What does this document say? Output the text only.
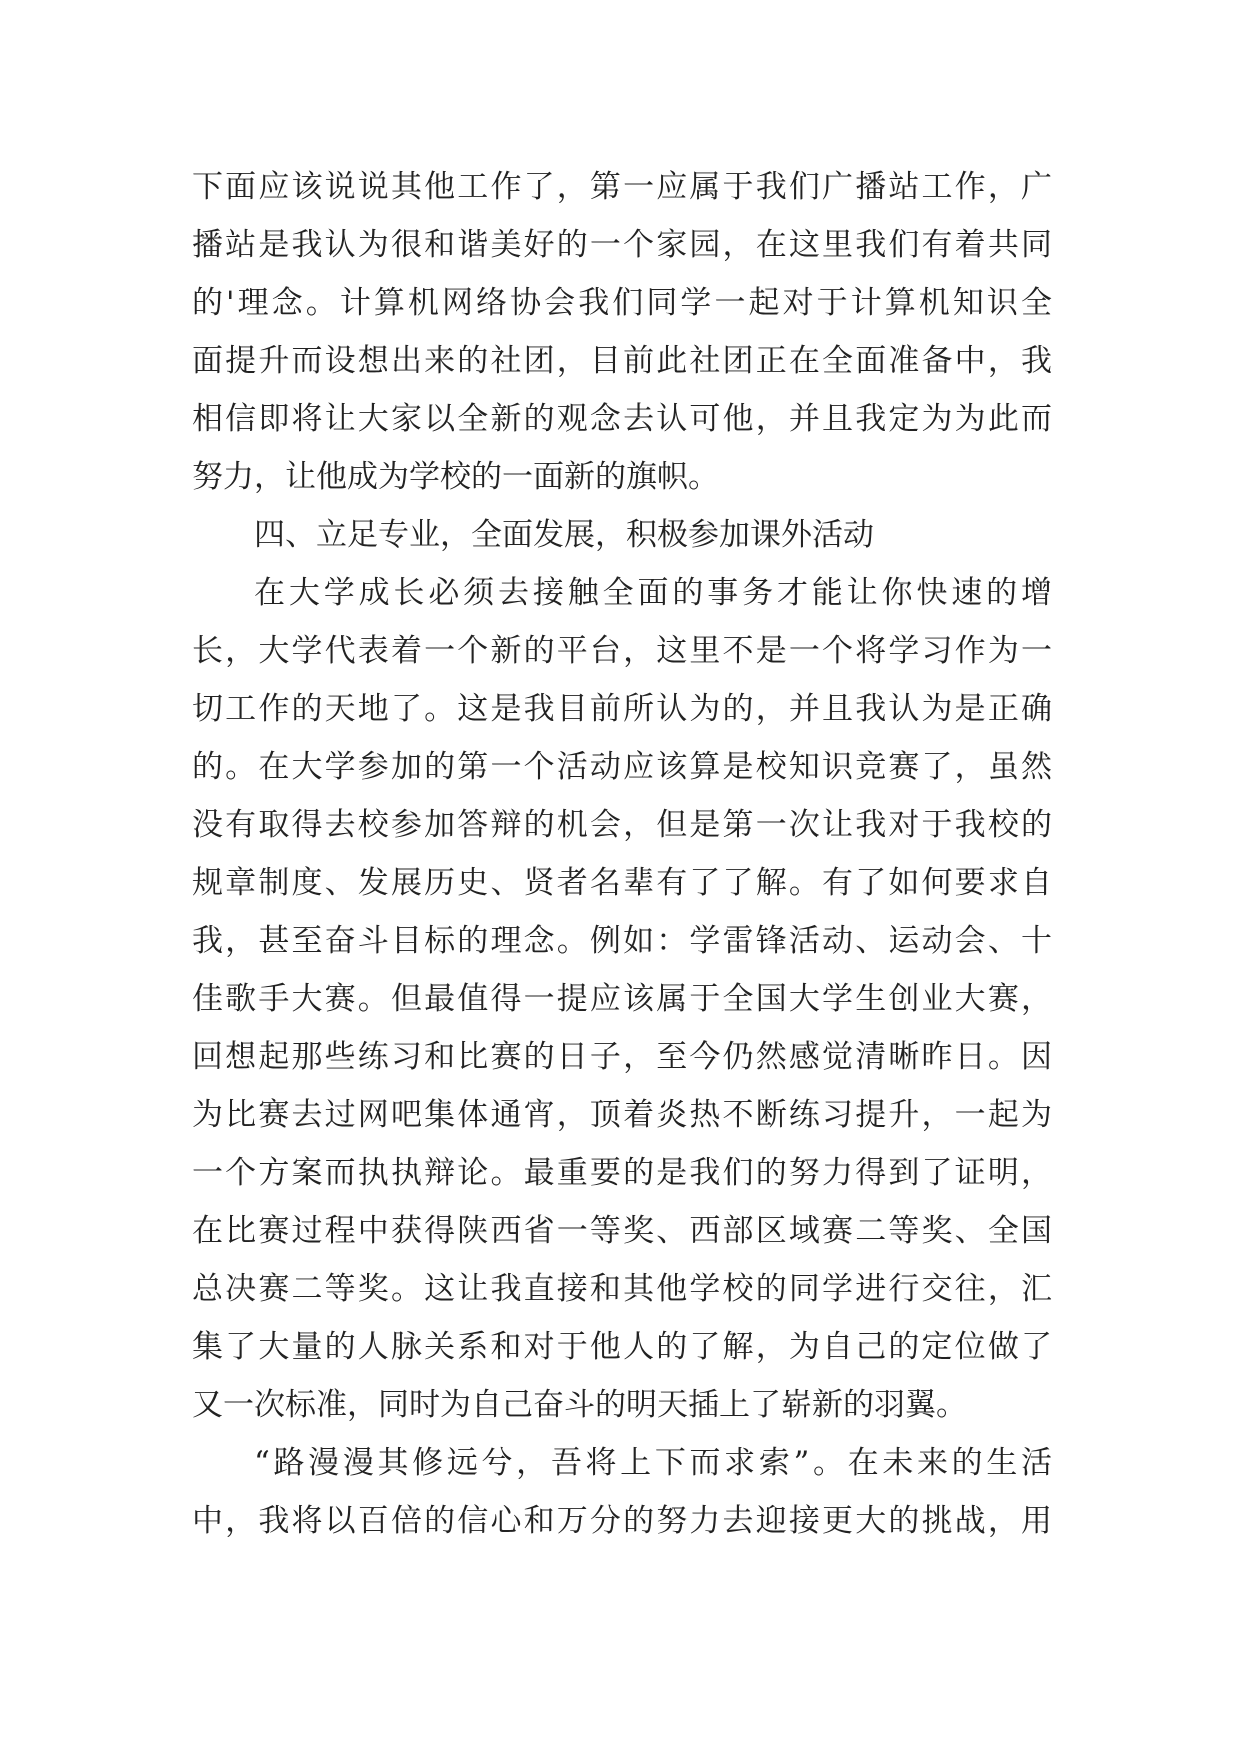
下面应该说说其他工作了，第一应属于我们广播站工作，广
播站是我认为很和谐美好的一个家园，在这里我们有着共同
的'理念。计算机网络协会我们同学一起对于计算机知识全
面提升而设想出来的社团，目前此社团正在全面准备中，我
相信即将让大家以全新的观念去认可他，并且我定为为此而
努力，让他成为学校的一面新的旗帜。
四、立足专业，全面发展，积极参加课外活动
在大学成长必须去接触全面的事务才能让你快速的增
长，大学代表着一个新的平台，这里不是一个将学习作为一
切工作的天地了。这是我目前所认为的，并且我认为是正确
的。在大学参加的第一个活动应该算是校知识竞赛了，虽然
没有取得去校参加答辩的机会，但是第一次让我对于我校的
规章制度、发展历史、贤者名辈有了了解。有了如何要求自
我，甚至奋斗目标的理念。例如：学雷锋活动、运动会、十
佳歌手大赛。但最值得一提应该属于全国大学生创业大赛，
回想起那些练习和比赛的日子，至今仍然感觉清晰昨日。因
为比赛去过网吧集体通宵，顶着炎热不断练习提升，一起为
一个方案而执执辩论。最重要的是我们的努力得到了证明，
在比赛过程中获得陕西省一等奖、西部区域赛二等奖、全国
总决赛二等奖。这让我直接和其他学校的同学进行交往，汇
集了大量的人脉关系和对于他人的了解，为自己的定位做了
又一次标准，同时为自己奋斗的明天插上了崭新的羽翼。
“路漫漫其修远兮，吾将上下而求索”。在未来的生活
中，我将以百倍的信心和万分的努力去迎接更大的挑战，用
